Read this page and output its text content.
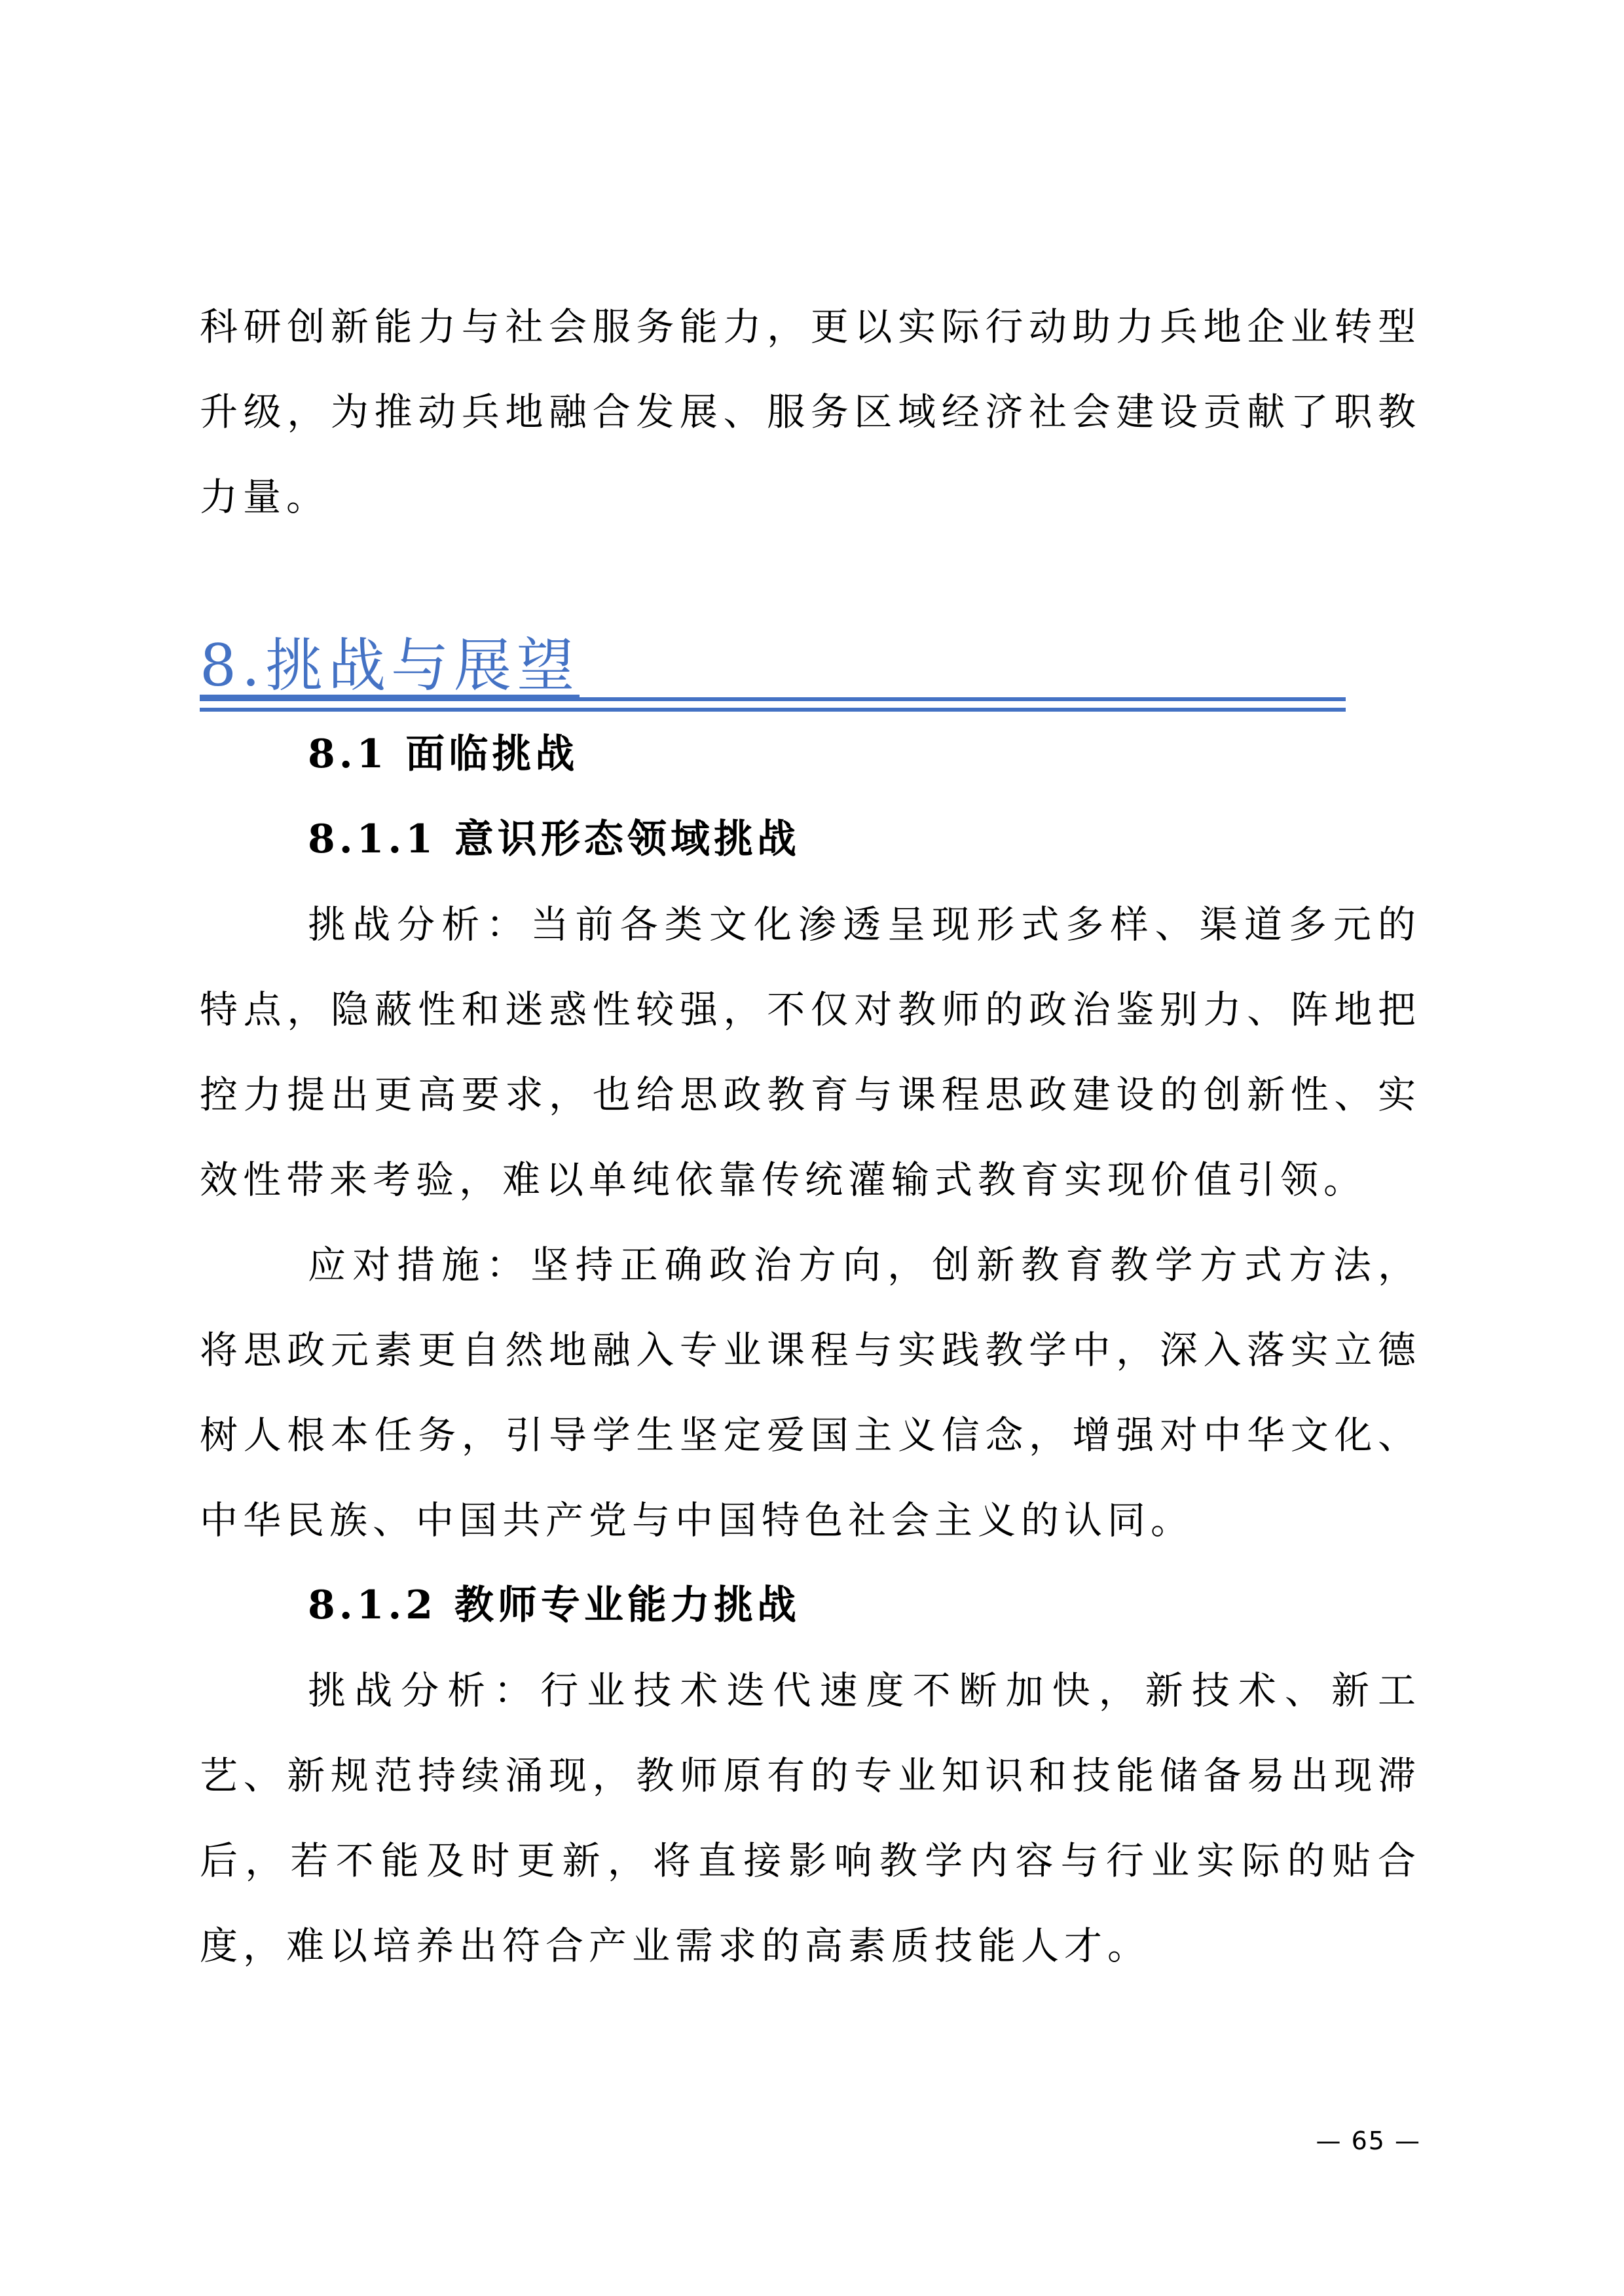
科研创新能力与社会服务能力，更以实际行动助力兵地企业转型升级，为推动兵地融合发展、服务区域经济社会建设贡献了职教力量。

8.挑战与展望
8.1 面临挑战
8.1.1 意识形态领域挑战

挑战分析：当前各类文化渗透呈现形式多样、渠道多元的特点，隐蔽性和迷惑性较强，不仅对教师的政治鉴别力、阵地把控力提出更高要求，也给思政教育与课程思政建设的创新性、实效性带来考验，难以单纯依靠传统灌输式教育实现价值引领。

应对措施：坚持正确政治方向，创新教育教学方式方法，将思政元素更自然地融入专业课程与实践教学中，深入落实立德树人根本任务，引导学生坚定爱国主义信念，增强对中华文化、中华民族、中国共产党与中国特色社会主义的认同。

8.1.2 教师专业能力挑战

挑战分析：行业技术迭代速度不断加快，新技术、新工艺、新规范持续涌现，教师原有的专业知识和技能储备易出现滞后，若不能及时更新，将直接影响教学内容与行业实际的贴合度，难以培养出符合产业需求的高素质技能人才。

— 65 —
